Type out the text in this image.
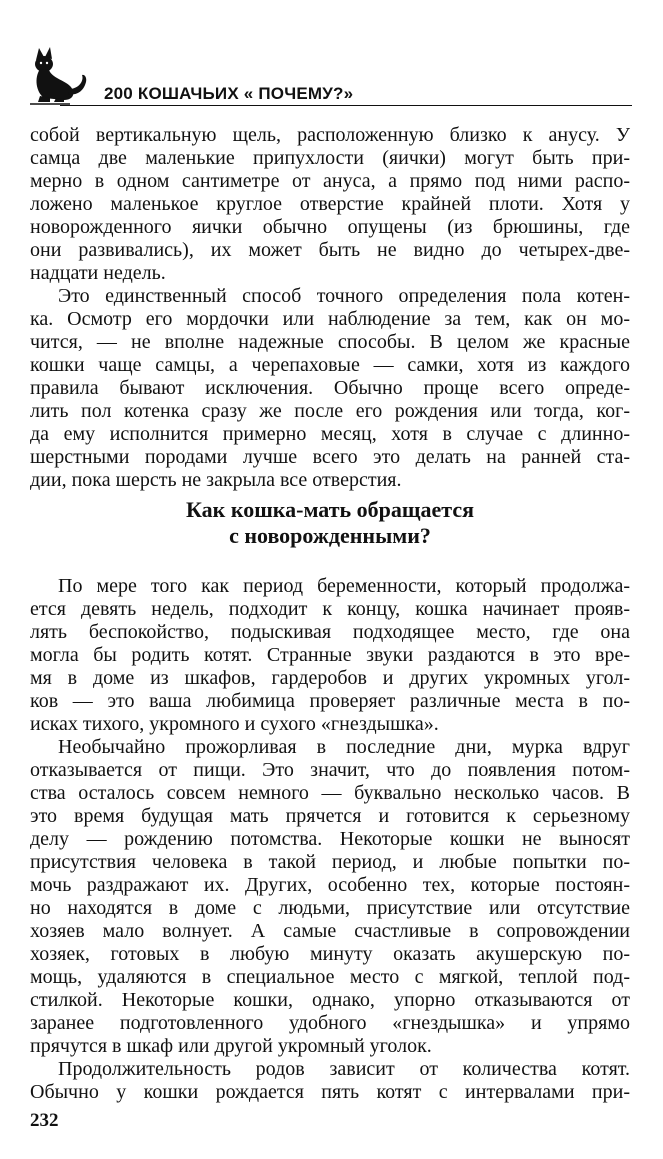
200 КОШАЧЬИХ « ПОЧЕМУ?»

собой вертикальную щель, расположенную близко к анусу. У
самца две маленькие припухлости (яички) могут быть при-
мерно в одном сантиметре от ануса, а прямо под ними распо-
ложено маленькое круглое отверстие крайней плоти. Хотя у
новорожденного яички обычно опущены (из брюшины, где
они развивались), их может быть не видно до четырех-две-
надцати недель.

Это единственный способ точного определения пола котен-
ка. Осмотр его мордочки или наблюдение за тем, как он мо-
чится, — не вполне надежные способы. В целом же красные
кошки чаще самцы, а черепаховые — самки, хотя из каждого
правила бывают исключения. Обычно проще всего опреде-
лить пол котенка сразу же после его рождения или тогда, ког-
да ему исполнится примерно месяц, хотя в случае с длинно-
шерстными породами лучше всего это делать на ранней ста-
дии, пока шерсть не закрыла все отверстия.

Как кошка-мать обращается
с новорожденными?

По мере того как период беременности, который продолжа-
ется девять недель, подходит к концу, кошка начинает прояв-
лять беспокойство, подыскивая подходящее место, где она
могла бы родить котят. Странные звуки раздаются в это вре-
мя в доме из шкафов, гардеробов и других укромных угол-
ков — это ваша любимица проверяет различные места в по-
исках тихого, укромного и сухого «гнездышка».

Необычайно прожорливая в последние дни, мурка вдруг
отказывается от пищи. Это значит, что до появления потом-
ства осталось совсем немного — буквально несколько часов. В
это время будущая мать прячется и готовится к серьезному
делу — рождению потомства. Некоторые кошки не выносят
присутствия человека в такой период, и любые попытки по-
мочь раздражают их. Других, особенно тех, которые постоян-
но находятся в доме с людьми, присутствие или отсутствие
хозяев мало волнует. А самые счастливые в сопровождении
хозяек, готовых в любую минуту оказать акушерскую по-
мощь, удаляются в специальное место с мягкой, теплой под-
стилкой. Некоторые кошки, однако, упорно отказываются от
заранее подготовленного удобного «гнездышка» и упрямо
прячутся в шкаф или другой укромный уголок.

Продолжительность родов зависит от количества котят.
Обычно у кошки рождается пять котят с интервалами при-

232
